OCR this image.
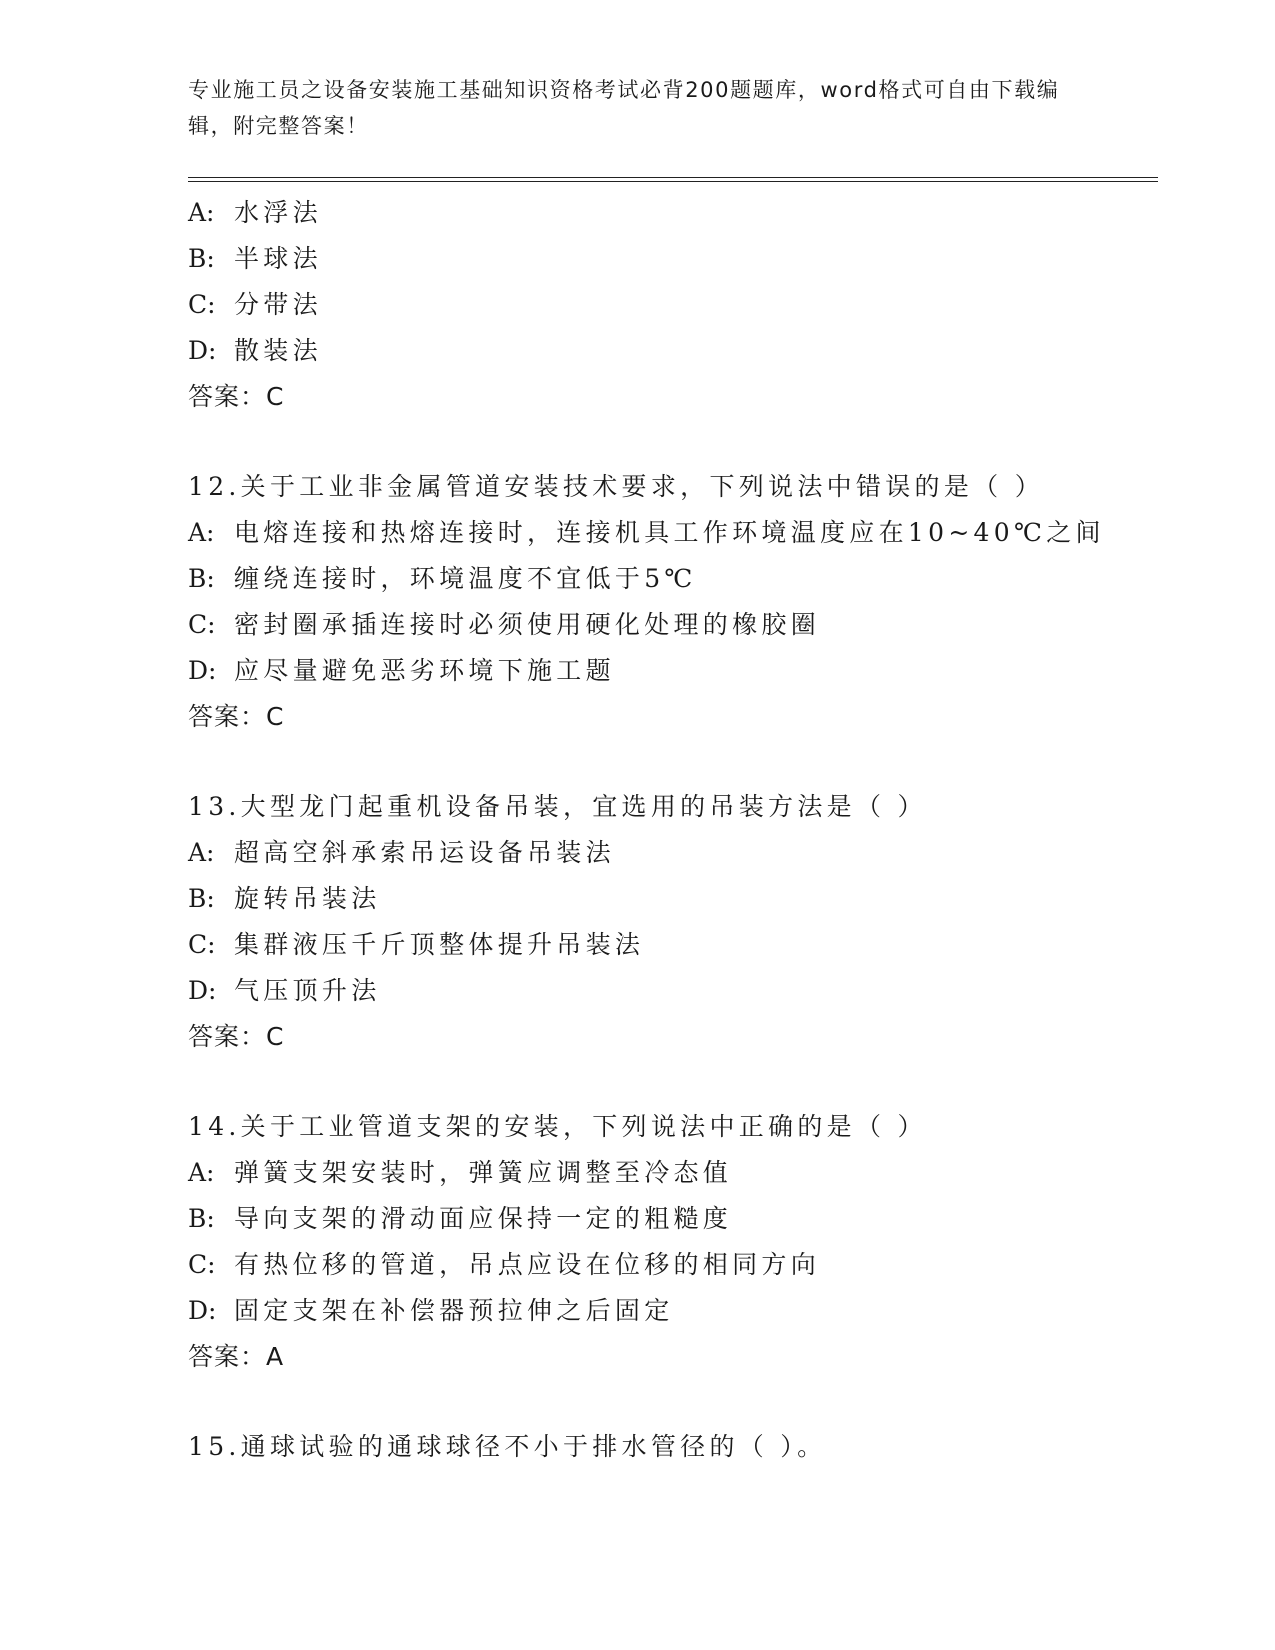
专业施工员之设备安装施工基础知识资格考试必背200题题库，word格式可自由下载编辑，附完整答案！
A: 水浮法
B: 半球法
C: 分带法
D: 散装法
答案：C
12.关于工业非金属管道安装技术要求，下列说法中错误的是（ ）
A: 电熔连接和热熔连接时，连接机具工作环境温度应在10~40℃之间
B: 缠绕连接时，环境温度不宜低于5℃
C: 密封圈承插连接时必须使用硬化处理的橡胶圈
D: 应尽量避免恶劣环境下施工题
答案：C
13.大型龙门起重机设备吊装，宜选用的吊装方法是（ ）
A: 超高空斜承索吊运设备吊装法
B: 旋转吊装法
C: 集群液压千斤顶整体提升吊装法
D: 气压顶升法
答案：C
14.关于工业管道支架的安装，下列说法中正确的是（ ）
A: 弹簧支架安装时，弹簧应调整至冷态值
B: 导向支架的滑动面应保持一定的粗糙度
C: 有热位移的管道，吊点应设在位移的相同方向
D: 固定支架在补偿器预拉伸之后固定
答案：A
15.通球试验的通球球径不小于排水管径的（ ）。
